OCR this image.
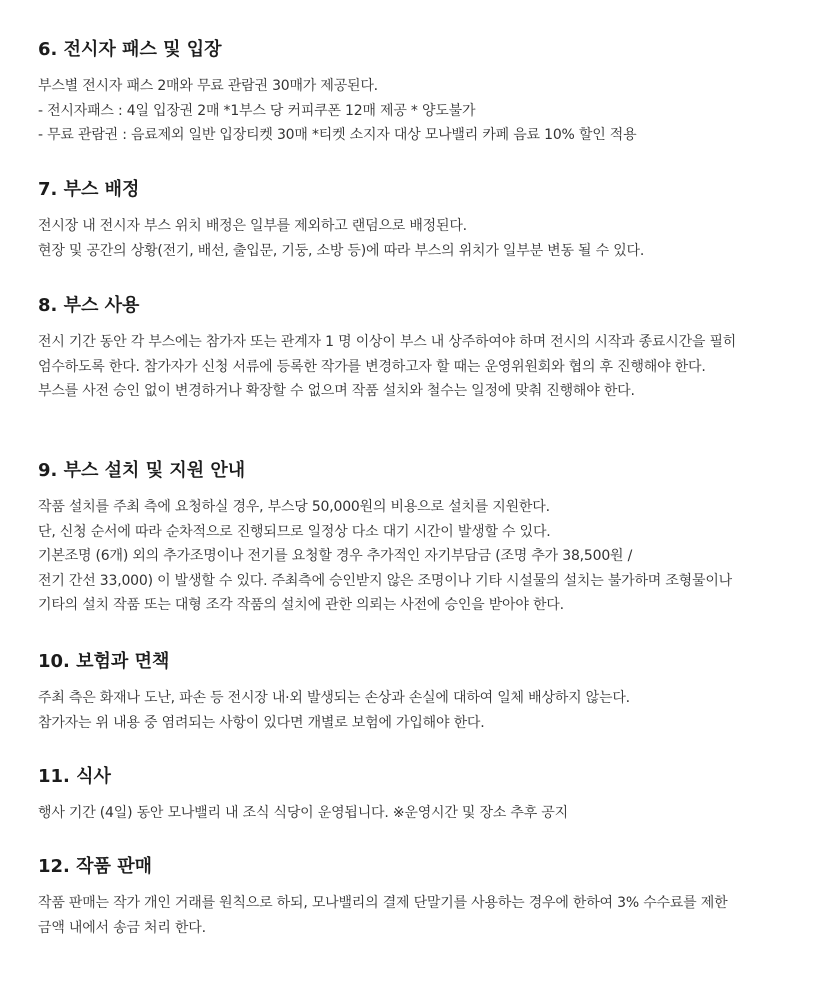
6. 전시자 패스 및 입장
부스별 전시자 패스 2매와 무료 관람권 30매가 제공된다.
- 전시자패스 : 4일 입장권 2매 *1부스 당 커피쿠폰 12매 제공 * 양도불가
- 무료 관람권 : 음료제외 일반 입장티켓 30매 *티켓 소지자 대상 모나밸리 카페 음료 10% 할인 적용
7. 부스 배정
전시장 내 전시자 부스 위치 배정은 일부를 제외하고 랜덤으로 배정된다.
현장 및 공간의 상황(전기, 배선, 출입문, 기둥, 소방 등)에 따라 부스의 위치가 일부분 변동 될 수 있다.
8. 부스 사용
전시 기간 동안 각 부스에는 참가자 또는 관계자 1 명 이상이 부스 내 상주하여야 하며 전시의 시작과 종료시간을 필히
엄수하도록 한다. 참가자가 신청 서류에 등록한 작가를 변경하고자 할 때는 운영위원회와 협의 후 진행해야 한다.
부스를 사전 승인 없이 변경하거나 확장할 수 없으며 작품 설치와 철수는 일정에 맞춰 진행해야 한다.
9. 부스 설치 및 지원 안내
작품 설치를 주최 측에 요청하실 경우, 부스당 50,000원의 비용으로 설치를 지원한다.
단, 신청 순서에 따라 순차적으로 진행되므로 일정상 다소 대기 시간이 발생할 수 있다.
기본조명 (6개) 외의 추가조명이나 전기를 요청할 경우 추가적인 자기부담금 (조명 추가 38,500원 /
전기 간선 33,000) 이 발생할 수 있다. 주최측에 승인받지 않은 조명이나 기타 시설물의 설치는 불가하며 조형물이나
기타의 설치 작품 또는 대형 조각 작품의 설치에 관한 의뢰는 사전에 승인을 받아야 한다.
10. 보험과 면책
주최 측은 화재나 도난, 파손 등 전시장 내·외 발생되는 손상과 손실에 대하여 일체 배상하지 않는다.
참가자는 위 내용 중 염려되는 사항이 있다면 개별로 보험에 가입해야 한다.
11. 식사
행사 기간 (4일) 동안 모나밸리 내 조식 식당이 운영됩니다. ※운영시간 및 장소 추후 공지
12. 작품 판매
작품 판매는 작가 개인 거래를 원칙으로 하되, 모나밸리의 결제 단말기를 사용하는 경우에 한하여 3% 수수료를 제한
금액 내에서 송금 처리 한다.
